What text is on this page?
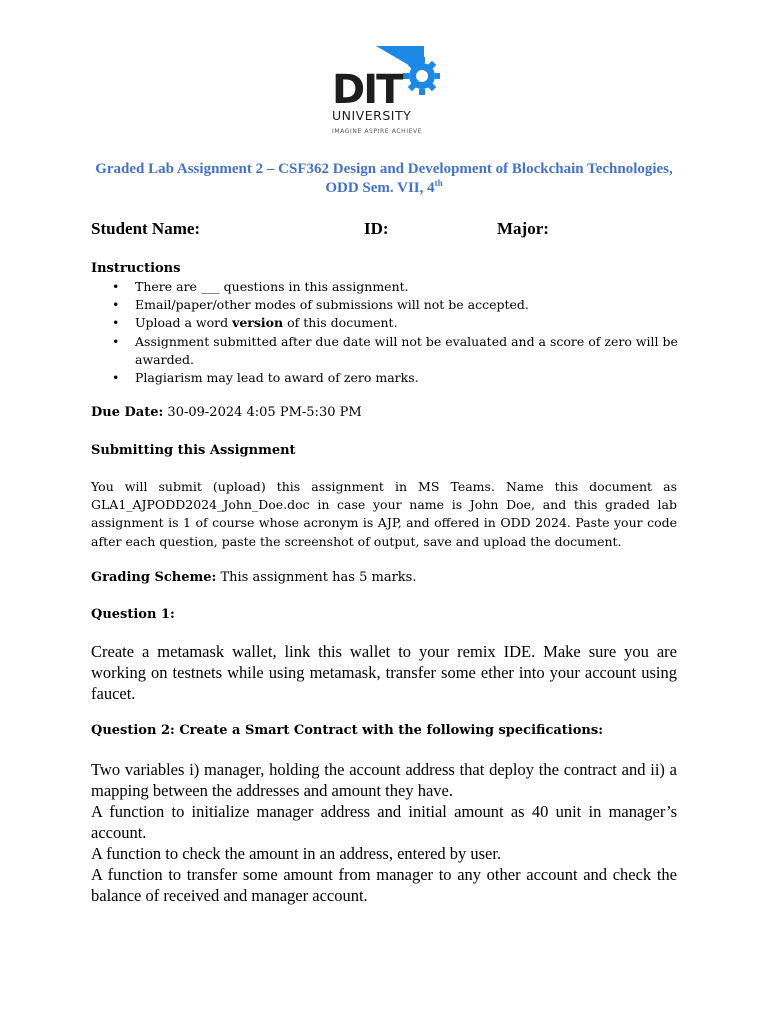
DIT
UNIVERSITY
IMAGINE ASPIRE ACHIEVE
Graded Lab Assignment 2 – CSF362 Design and Development of Blockchain Technologies,
ODD Sem. VII, 4th
Student Name:	ID:	Major:
Instructions
• There are ___ questions in this assignment.
• Email/paper/other modes of submissions will not be accepted.
• Upload a word version of this document.
• Assignment submitted after due date will not be evaluated and a score of zero will be awarded.
• Plagiarism may lead to award of zero marks.
Due Date: 30-09-2024 4:05 PM-5:30 PM
Submitting this Assignment
You will submit (upload) this assignment in MS Teams. Name this document as GLA1_AJPODD2024_John_Doe.doc in case your name is John Doe, and this graded lab assignment is 1 of course whose acronym is AJP, and offered in ODD 2024. Paste your code after each question, paste the screenshot of output, save and upload the document.
Grading Scheme: This assignment has 5 marks.
Question 1:
Create a metamask wallet, link this wallet to your remix IDE. Make sure you are working on testnets while using metamask, transfer some ether into your account using faucet.
Question 2: Create a Smart Contract with the following specifications:
Two variables i) manager, holding the account address that deploy the contract and ii) a mapping between the addresses and amount they have.
A function to initialize manager address and initial amount as 40 unit in manager’s account.
A function to check the amount in an address, entered by user.
A function to transfer some amount from manager to any other account and check the balance of received and manager account.
